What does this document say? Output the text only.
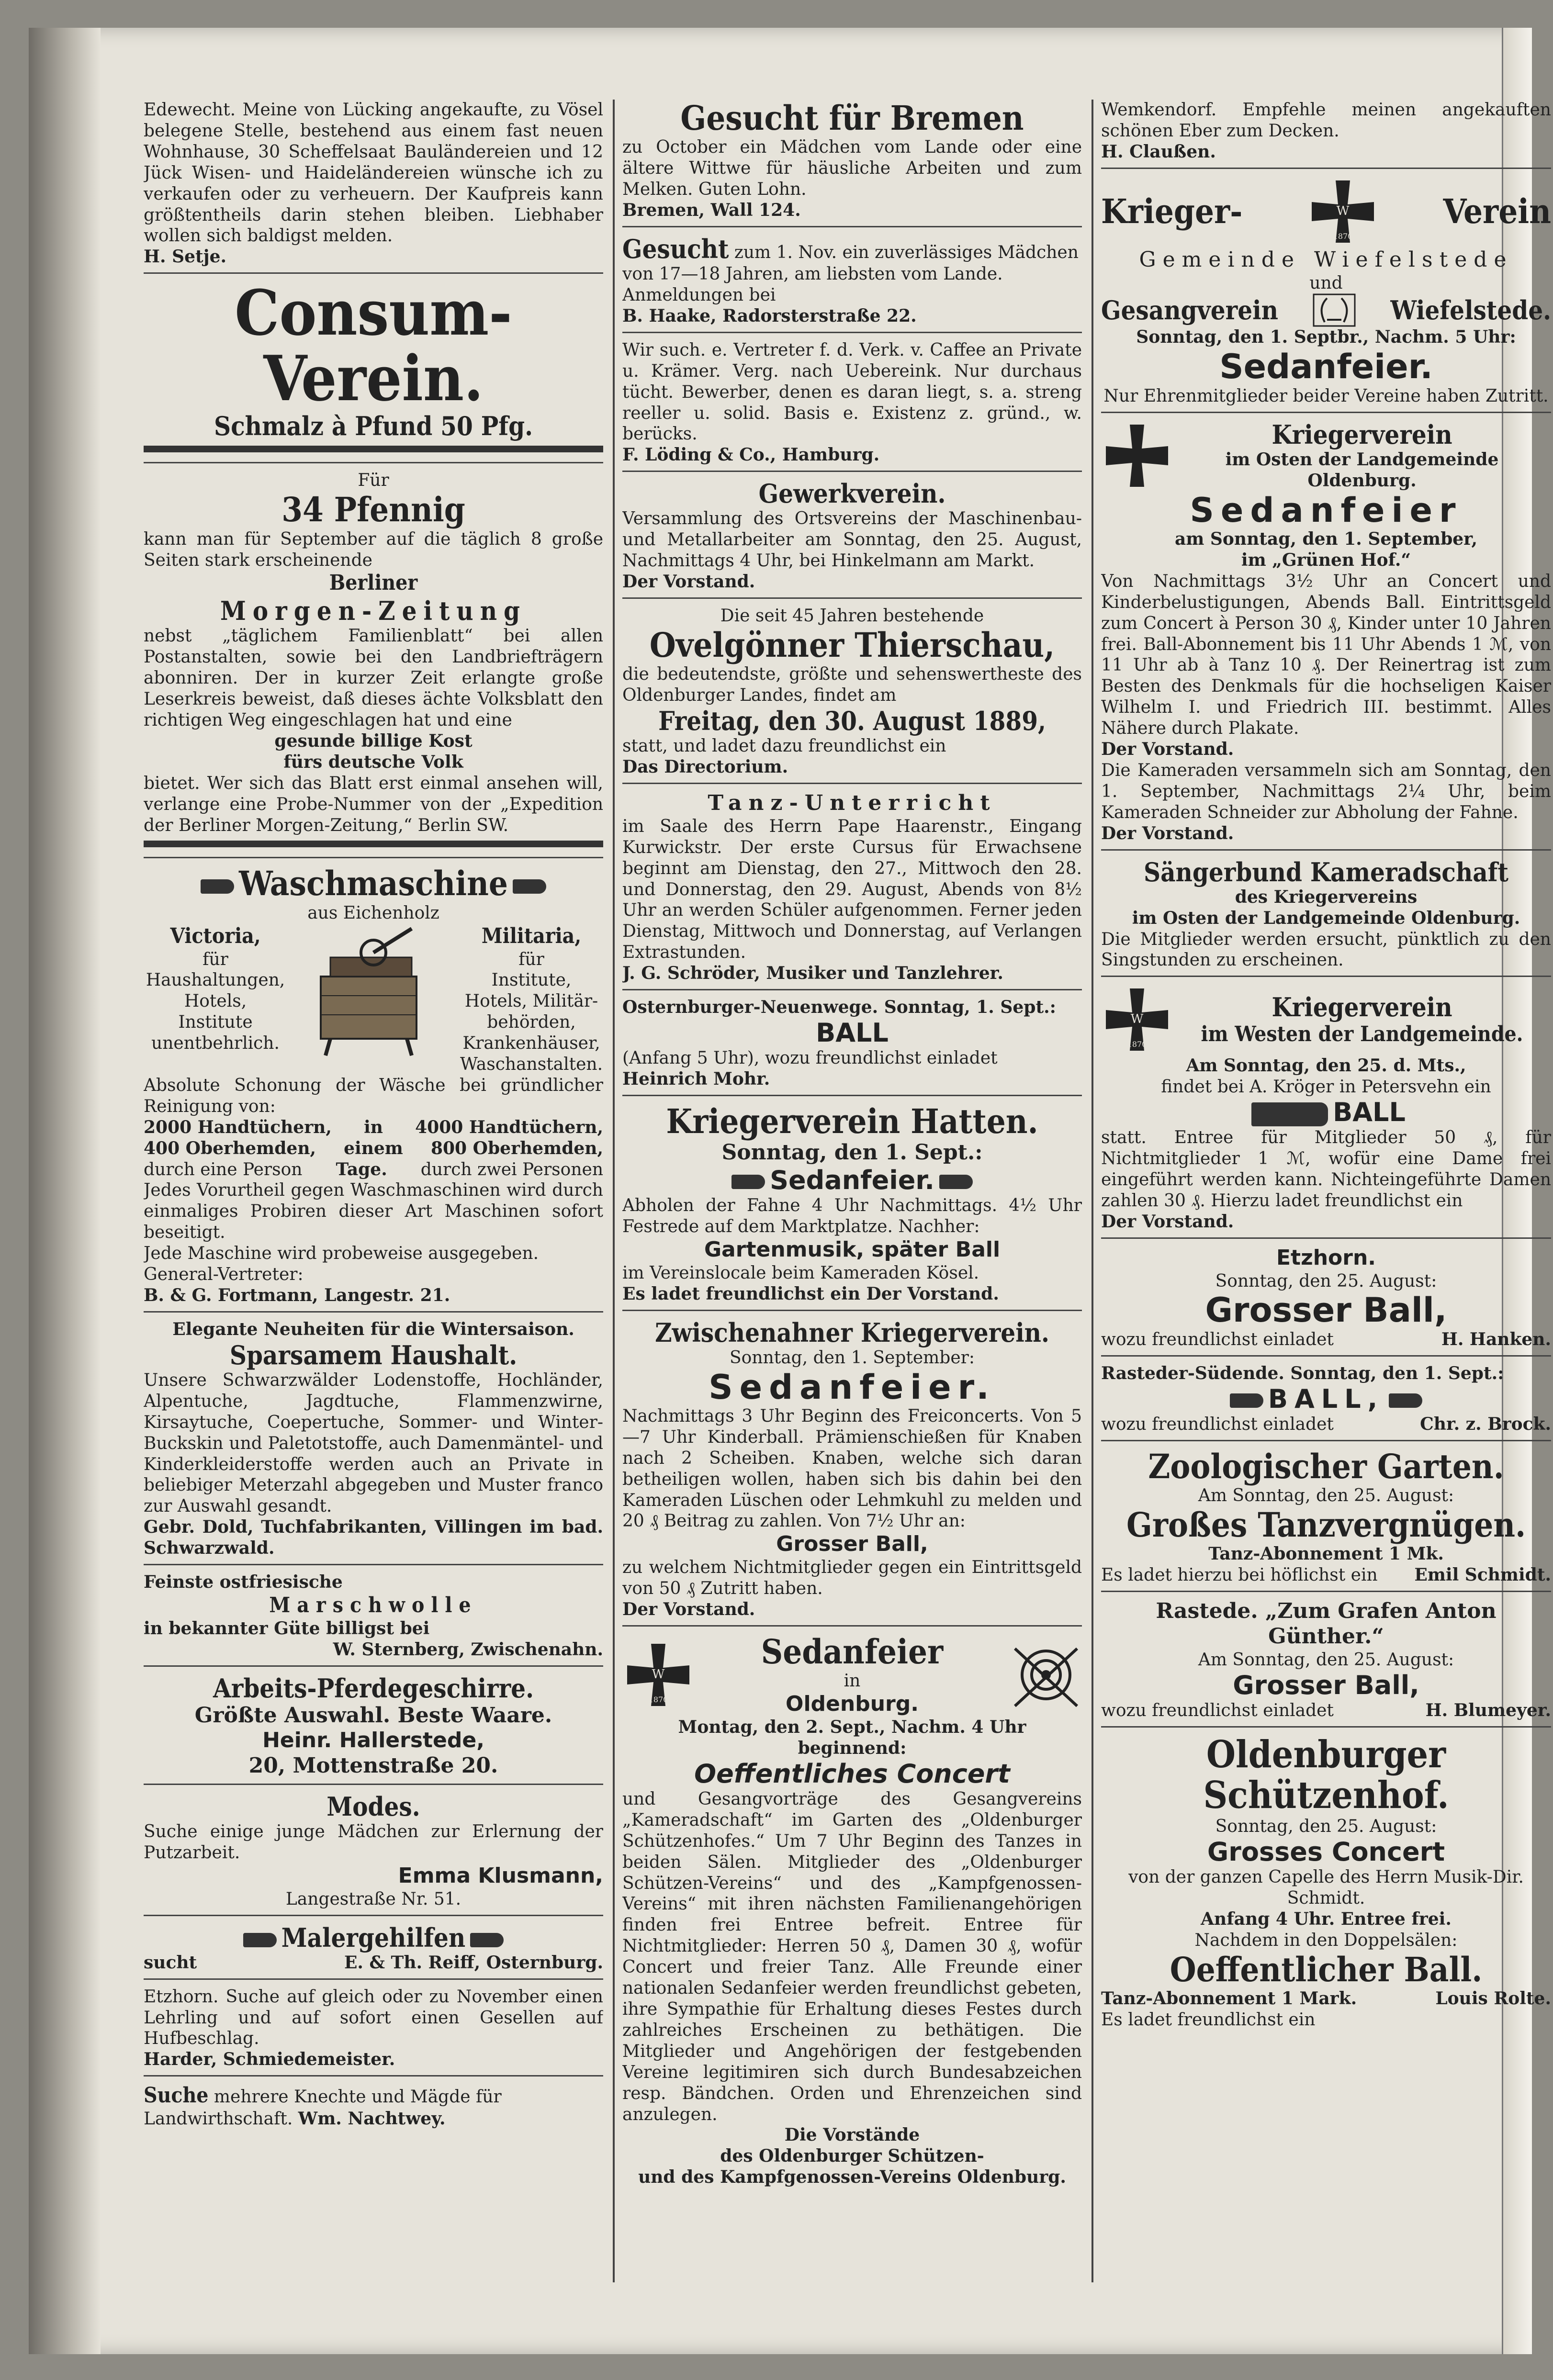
Edewecht. Meine von Lücking angekaufte, zu Vösel belegene Stelle, bestehend aus einem fast neuen Wohnhause, 30 Scheffelsaat Bauländereien und 12 Jück Wisen- und Haideländereien wünsche ich zu verkaufen oder zu verheuern. Der Kaufpreis kann größtentheils darin stehen bleiben. Liebhaber wollen sich baldigst melden.

H. Setje.

Consum-Verein.
Schmalz à Pfund 50 Pfg.
Für
34 Pfennig

kann man für September auf die täglich 8 große Seiten stark erscheinende

Berliner
Morgen-Zeitung

nebst „täglichem Familienblatt“ bei allen Postanstalten, sowie bei den Landbriefträgern abonniren. Der in kurzer Zeit erlangte große Leserkreis beweist, daß dieses ächte Volksblatt den richtigen Weg eingeschlagen hat und eine

gesunde billige Kost
fürs deutsche Volk

bietet. Wer sich das Blatt erst einmal ansehen will, verlange eine Probe-Nummer von der „Expedition der Berliner Morgen-Zeitung,“ Berlin SW.

Waschmaschine
aus Eichenholz
Victoria,
für
Haushaltungen,
Hotels,
Institute
unentbehrlich.
Militaria,
für
Institute,
Hotels, Militär-
behörden,
Krankenhäuser,
Waschanstalten.

Absolute Schonung der Wäsche bei gründlicher Reinigung von:

2000 Handtüchern, in 4000 Handtüchern,
400 Oberhemden, einem 800 Oberhemden,
durch eine Person Tage. durch zwei Personen

Jedes Vorurtheil gegen Waschmaschinen wird durch einmaliges Probiren dieser Art Maschinen sofort beseitigt.

Jede Maschine wird probeweise ausgegeben.

General-Vertreter:

B. & G. Fortmann, Langestr. 21.

Elegante Neuheiten für die Wintersaison.
Sparsamem Haushalt.

Unsere Schwarzwälder Lodenstoffe, Hochländer, Alpentuche, Jagdtuche, Flammenzwirne, Kirsaytuche, Coepertuche, Sommer- und Winter-Buckskin und Paletotstoffe, auch Damenmäntel- und Kinderkleiderstoffe werden auch an Private in beliebiger Meterzahl abgegeben und Muster franco zur Auswahl gesandt.

Gebr. Dold, Tuchfabrikanten, Villingen im bad. Schwarzwald.

Feinste ostfriesische
Marschwolle
in bekannter Güte billigst bei
W. Sternberg, Zwischenahn.
Arbeits-Pferdegeschirre.
Größte Auswahl. Beste Waare.
Heinr. Hallerstede,
20, Mottenstraße 20.
Modes.

Suche einige junge Mädchen zur Erlernung der Putzarbeit.

Emma Klusmann,
Langestraße Nr. 51.
Malergehilfen
sucht	E. & Th. Reiff, Osternburg.

Etzhorn. Suche auf gleich oder zu November einen Lehrling und auf sofort einen Gesellen auf Hufbeschlag.

Harder, Schmiedemeister.

Suche mehrere Knechte und Mägde für Landwirthschaft. Wm. Nachtwey.
Gesucht für Bremen

zu October ein Mädchen vom Lande oder eine ältere Wittwe für häusliche Arbeiten und zum Melken. Guten Lohn.

Bremen, Wall 124.

Gesucht zum 1. Nov. ein zuverlässiges Mädchen von 17—18 Jahren, am liebsten vom Lande. Anmeldungen bei

B. Haake, Radorsterstraße 22.

Wir such. e. Vertreter f. d. Verk. v. Caffee an Private u. Krämer. Verg. nach Uebereink. Nur durchaus tücht. Bewerber, denen es daran liegt, s. a. streng reeller u. solid. Basis e. Existenz z. gründ., w. berücks.

F. Löding & Co., Hamburg.

Gewerkverein.

Versammlung des Ortsvereins der Maschinenbau- und Metallarbeiter am Sonntag, den 25. August, Nachmittags 4 Uhr, bei Hinkelmann am Markt.

Der Vorstand.

Die seit 45 Jahren bestehende
Ovelgönner Thierschau,

die bedeutendste, größte und sehenswertheste des Oldenburger Landes, findet am

Freitag, den 30. August 1889,

statt, und ladet dazu freundlichst ein

Das Directorium.

Tanz-Unterricht

im Saale des Herrn Pape Haarenstr., Eingang Kurwickstr. Der erste Cursus für Erwachsene beginnt am Dienstag, den 27., Mittwoch den 28. und Donnerstag, den 29. August, Abends von 8½ Uhr an werden Schüler aufgenommen. Ferner jeden Dienstag, Mittwoch und Donnerstag, auf Verlangen Extrastunden.

J. G. Schröder, Musiker und Tanzlehrer.

Osternburger-Neuenwege. Sonntag, 1. Sept.:
BALL

(Anfang 5 Uhr), wozu freundlichst einladet

Heinrich Mohr.

Kriegerverein Hatten.
Sonntag, den 1. Sept.:
Sedanfeier.

Abholen der Fahne 4 Uhr Nachmittags. 4½ Uhr Festrede auf dem Marktplatze. Nachher:

Gartenmusik, später Ball

im Vereinslocale beim Kameraden Kösel.

Es ladet freundlichst ein Der Vorstand.

Zwischenahner Kriegerverein.
Sonntag, den 1. September:
Sedanfeier.

Nachmittags 3 Uhr Beginn des Freiconcerts. Von 5—7 Uhr Kinderball. Prämienschießen für Knaben nach 2 Scheiben. Knaben, welche sich daran betheiligen wollen, haben sich bis dahin bei den Kameraden Lüschen oder Lehmkuhl zu melden und 20 ₰ Beitrag zu zahlen. Von 7½ Uhr an:

Grosser Ball,

zu welchem Nichtmitglieder gegen ein Eintrittsgeld von 50 ₰ Zutritt haben.

Der Vorstand.

W
1870
Sedanfeier
in
Oldenburg.
Montag, den 2. Sept., Nachm. 4 Uhr beginnend:
Oeffentliches Concert

und Gesangvorträge des Gesangvereins „Kameradschaft“ im Garten des „Oldenburger Schützenhofes.“ Um 7 Uhr Beginn des Tanzes in beiden Sälen. Mitglieder des „Oldenburger Schützen-Vereins“ und des „Kampfgenossen-Vereins“ mit ihren nächsten Familienangehörigen finden frei Entree befreit. Entree für Nichtmitglieder: Herren 50 ₰, Damen 30 ₰, wofür Concert und freier Tanz. Alle Freunde einer nationalen Sedanfeier werden freundlichst gebeten, ihre Sympathie für Erhaltung dieses Festes durch zahlreiches Erscheinen zu bethätigen. Die Mitglieder und Angehörigen der festgebenden Vereine legitimiren sich durch Bundesabzeichen resp. Bändchen. Orden und Ehrenzeichen sind anzulegen.

Die Vorstände
des Oldenburger Schützen-
und des Kampfgenossen-Vereins Oldenburg.

Wemkendorf. Empfehle meinen angekauften schönen Eber zum Decken.

H. Claußen.

Krieger-	W
1870
Verein
Gemeinde Wiefelstede
und
Gesangverein	Wiefelstede.
Sonntag, den 1. Septbr., Nachm. 5 Uhr:
Sedanfeier.
Nur Ehrenmitglieder beider Vereine haben Zutritt.
Kriegerverein
im Osten der Landgemeinde
Oldenburg.
Sedanfeier
am Sonntag, den 1. September,
im „Grünen Hof.“

Von Nachmittags 3½ Uhr an Concert und Kinderbelustigungen, Abends Ball. Eintrittsgeld zum Concert à Person 30 ₰, Kinder unter 10 Jahren frei. Ball-Abonnement bis 11 Uhr Abends 1 ℳ, von 11 Uhr ab à Tanz 10 ₰. Der Reinertrag ist zum Besten des Denkmals für die hochseligen Kaiser Wilhelm I. und Friedrich III. bestimmt. Alles Nähere durch Plakate.

Der Vorstand.

Die Kameraden versammeln sich am Sonntag, den 1. September, Nachmittags 2¼ Uhr, beim Kameraden Schneider zur Abholung der Fahne.

Der Vorstand.

Sängerbund Kameradschaft
des Kriegervereins
im Osten der Landgemeinde Oldenburg.

Die Mitglieder werden ersucht, pünktlich zu den Singstunden zu erscheinen.

W
1870
Kriegerverein
im Westen der Landgemeinde.
Am Sonntag, den 25. d. Mts.,
findet bei A. Kröger in Petersvehn ein
BALL

statt. Entree für Mitglieder 50 ₰, für Nichtmitglieder 1 ℳ, wofür eine Dame frei eingeführt werden kann. Nichteingeführte Damen zahlen 30 ₰. Hierzu ladet freundlichst ein

Der Vorstand.

Etzhorn.
Sonntag, den 25. August:
Grosser Ball,
wozu freundlichst einladet	H. Hanken.
Rasteder-Südende. Sonntag, den 1. Sept.:
BALL,
wozu freundlichst einladet	Chr. z. Brock.
Zoologischer Garten.
Am Sonntag, den 25. August:
Großes Tanzvergnügen.
Tanz-Abonnement 1 Mk.
Es ladet hierzu bei höflichst ein Emil Schmidt.
Rastede. „Zum Grafen Anton Günther.“
Am Sonntag, den 25. August:
Grosser Ball,
wozu freundlichst einladet	H. Blumeyer.
Oldenburger Schützenhof.
Sonntag, den 25. August:
Grosses Concert
von der ganzen Capelle des Herrn Musik-Dir. Schmidt.
Anfang 4 Uhr. Entree frei.
Nachdem in den Doppelsälen:
Oeffentlicher Ball.
Tanz-Abonnement 1 Mark.	Louis Rolte.
Es ladet freundlichst ein
